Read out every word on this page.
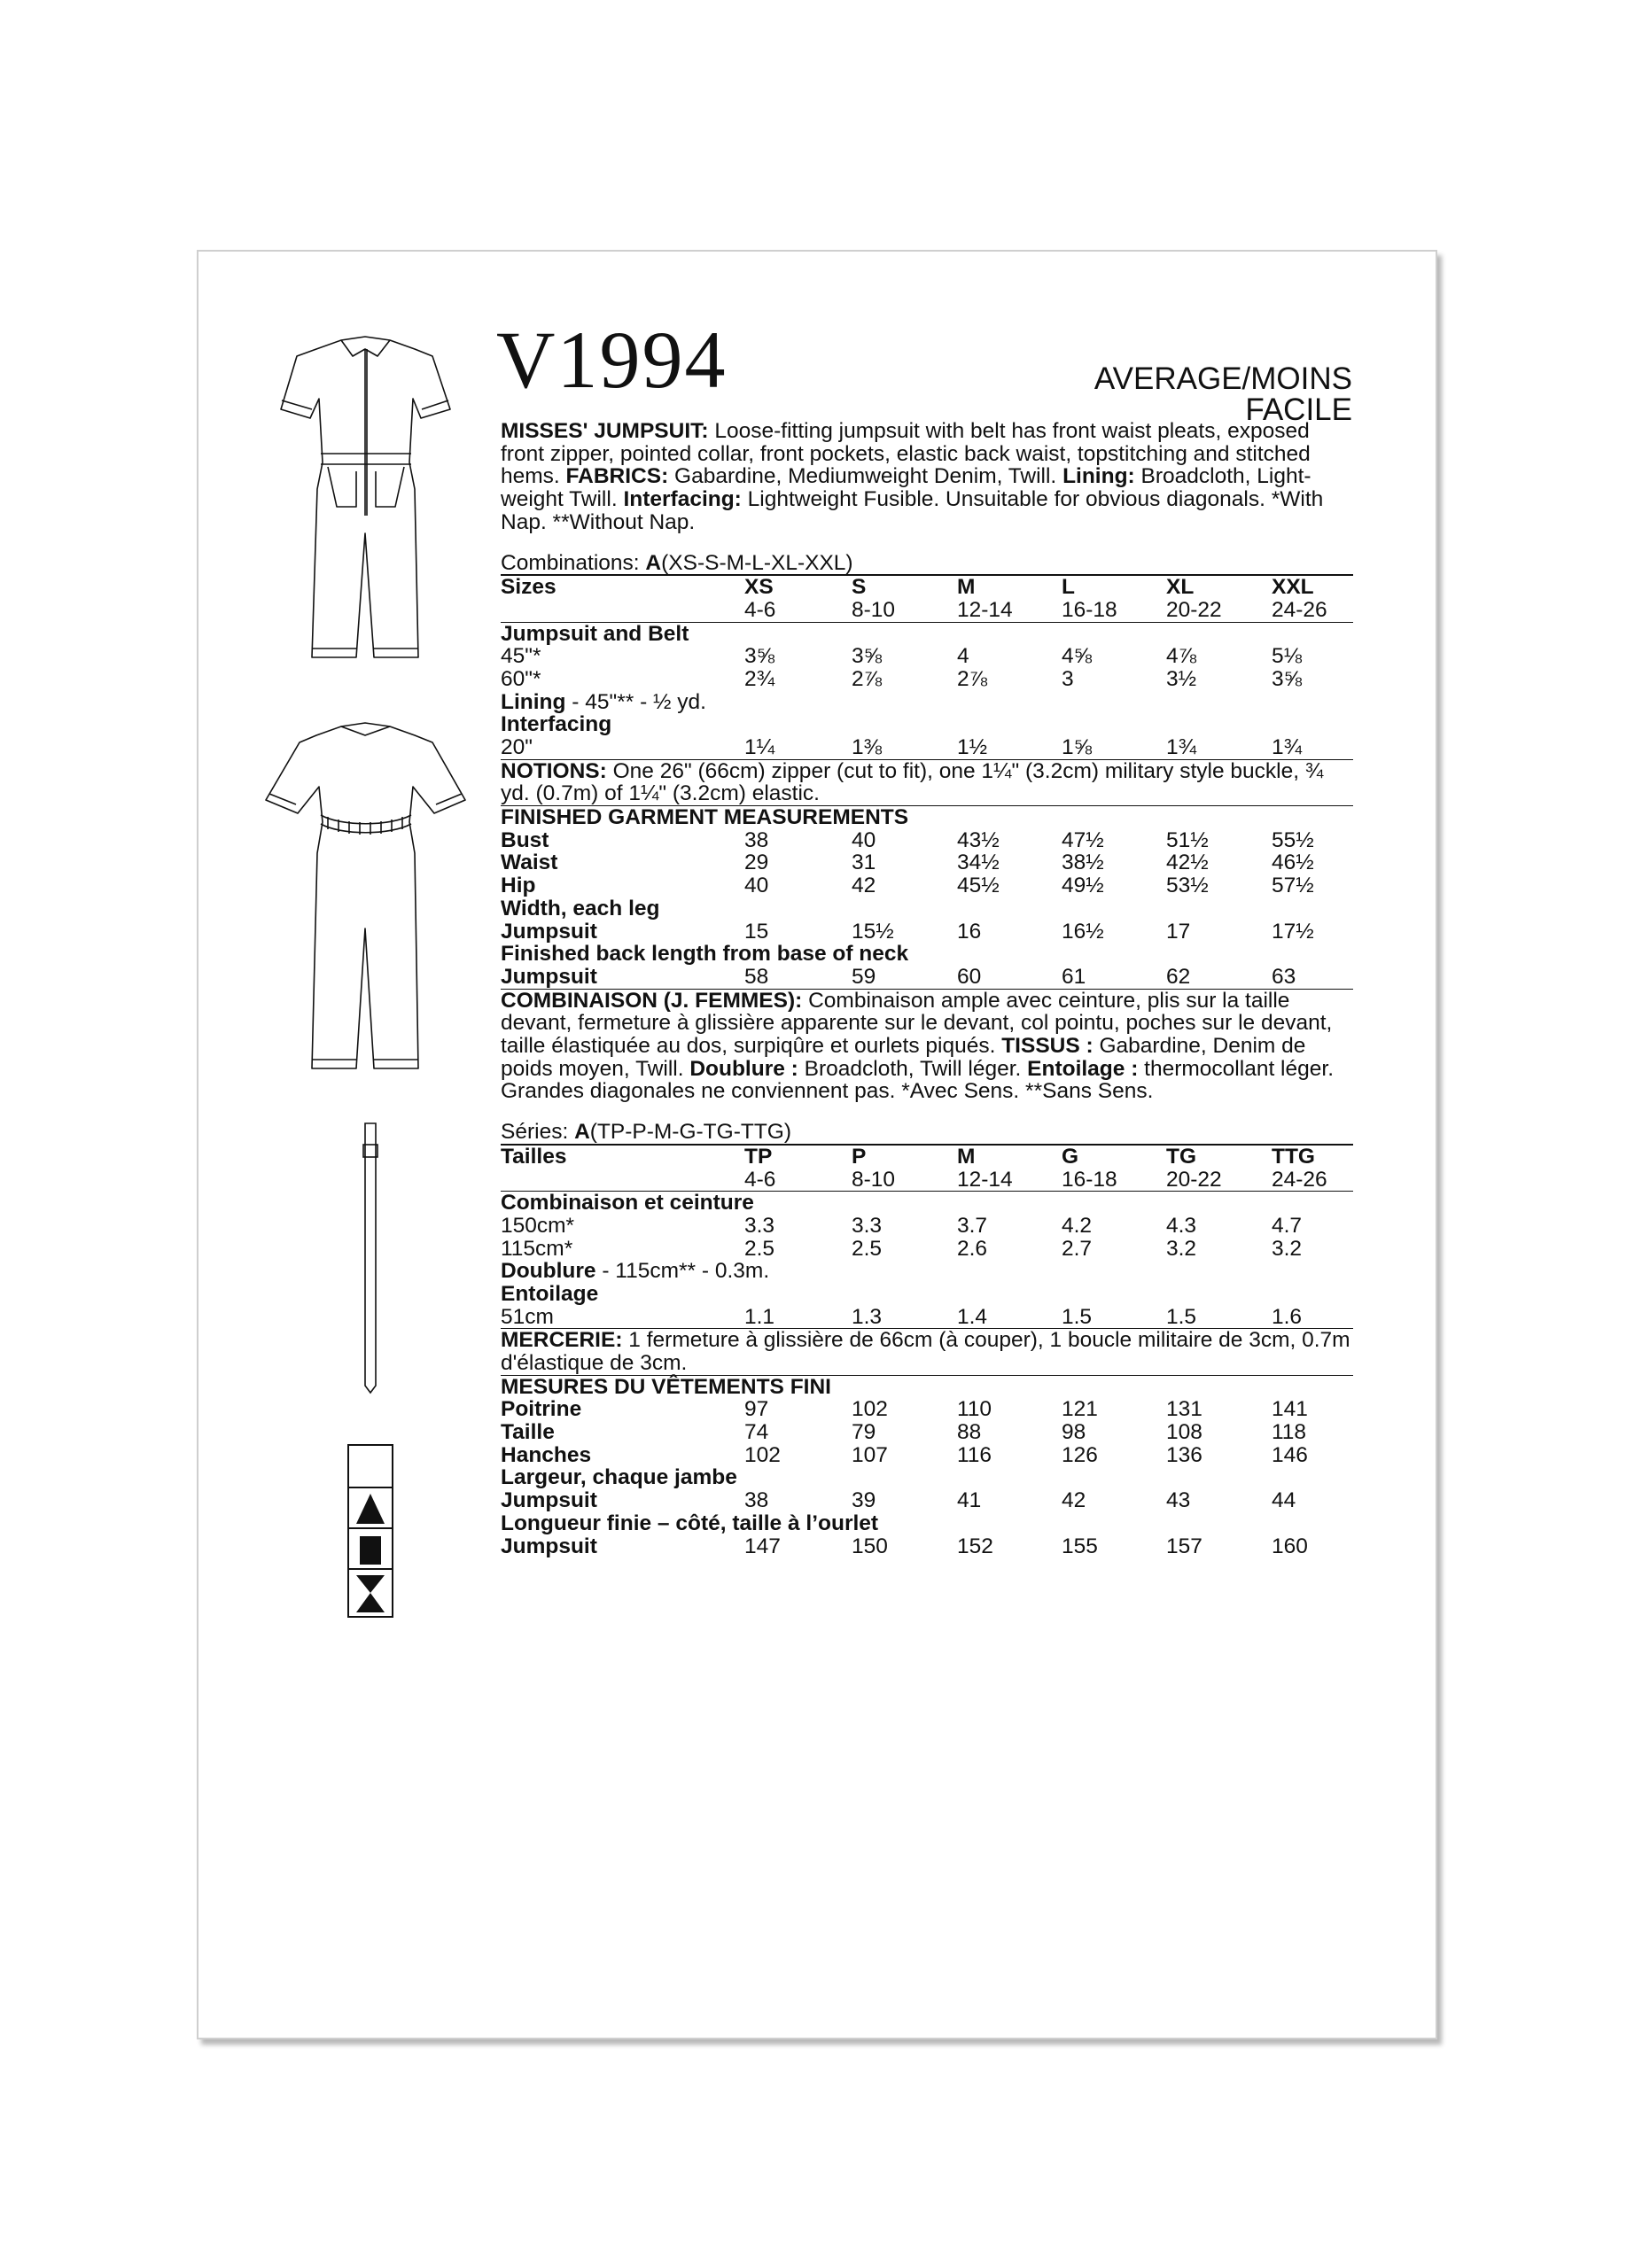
V1994	AVERAGE/MOINS FACILE

MISSES' JUMPSUIT: Loose-fitting jumpsuit with belt has front waist pleats, exposed front zipper, pointed collar, front pockets, elastic back waist, topstitching and stitched hems. FABRICS: Gabardine, Mediumweight Denim, Twill. Lining: Broadcloth, Light-weight Twill. Interfacing: Lightweight Fusible. Unsuitable for obvious diagonals. *With Nap. **Without Nap.

Combinations: A(XS-S-M-L-XL-XXL)
Sizes	XS	S	M	L	XL	XXL
4-6	8-10	12-14 16-18 20-22 24-26
Jumpsuit and Belt
45"*	3⅝	3⅝	4	4⅝	4⅞	5⅛
60"*	2¾	2⅞	2⅞	3	3½	3⅝
Lining - 45"** - ½ yd.
Interfacing
20"	1¼	1⅜	1½	1⅝	1¾	1¾

NOTIONS: One 26" (66cm) zipper (cut to fit), one 1¼" (3.2cm) military style buckle, ¾ yd. (0.7m) of 1¼" (3.2cm) elastic.

FINISHED GARMENT MEASUREMENTS
Bust	38	40	43½	47½	51½	55½
Waist	29	31	34½	38½	42½	46½
Hip	40	42	45½	49½	53½	57½
Width, each leg
Jumpsuit	15	15½	16	16½	17	17½
Finished back length from base of neck
Jumpsuit	58	59	60	61	62	63

COMBINAISON (J. FEMMES): Combinaison ample avec ceinture, plis sur la taille devant, fermeture à glissière apparente sur le devant, col pointu, poches sur le devant, taille élastiquée au dos, surpiqûre et ourlets piqués. TISSUS : Gabardine, Denim de poids moyen, Twill. Doublure : Broadcloth, Twill léger. Entoilage : thermocollant léger. Grandes diagonales ne conviennent pas. *Avec Sens. **Sans Sens.

Séries: A(TP-P-M-G-TG-TTG)
Tailles	TP	P	M	G	TG	TTG
4-6	8-10	12-14 16-18 20-22 24-26
Combinaison et ceinture
150cm*	3.3	3.3	3.7	4.2	4.3	4.7
115cm*	2.5	2.5	2.6	2.7	3.2	3.2
Doublure - 115cm** - 0.3m.
Entoilage
51cm	1.1	1.3	1.4	1.5	1.5	1.6

MERCERIE: 1 fermeture à glissière de 66cm (à couper), 1 boucle militaire de 3cm, 0.7m d'élastique de 3cm.

MESURES DU VÊTEMENTS FINI
Poitrine	97	102	110	121	131	141
Taille	74	79	88	98	108	118
Hanches	102	107	116	126	136	146
Largeur, chaque jambe
Jumpsuit	38	39	41	42	43	44
Longueur finie – côté, taille à l’ourlet
Jumpsuit	147	150	152	155	157	160
